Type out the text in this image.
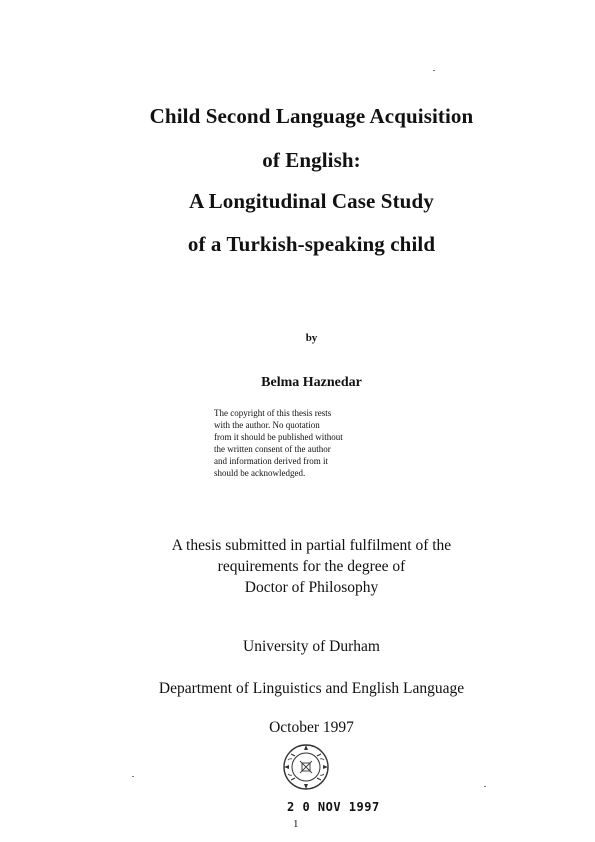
Child Second Language Acquisition
of English:
A Longitudinal Case Study
of a Turkish-speaking child
by
Belma Haznedar
The copyright of this thesis rests
with the author. No quotation
from it should be published without
the written consent of the author
and information derived from it
should be acknowledged.
A thesis submitted in partial fulfilment of the
requirements for the degree of
Doctor of Philosophy
University of Durham
Department of Linguistics and English Language
October 1997
2 0 NOV 1997
1
